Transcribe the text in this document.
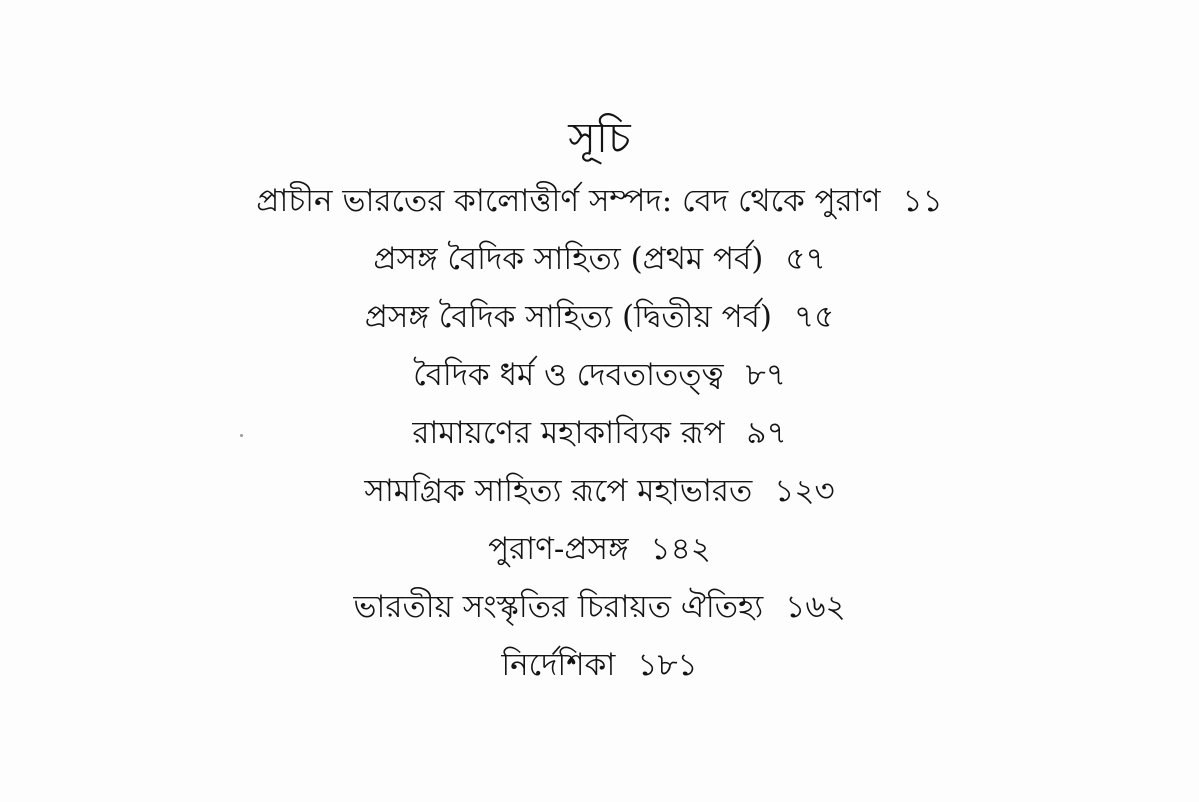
সূচি
প্রাচীন ভারতের কালোত্তীর্ণ সম্পদ: বেদ থেকে পুরাণ ১১
প্রসঙ্গ বৈদিক সাহিত্য (প্রথম পর্ব) ৫৭
প্রসঙ্গ বৈদিক সাহিত্য (দ্বিতীয় পর্ব) ৭৫
বৈদিক ধর্ম ও দেবতাতত্ত্ব ৮৭
রামায়ণের মহাকাব্যিক রূপ ৯৭
সামগ্রিক সাহিত্য রূপে মহাভারত ১২৩
পুরাণ-প্রসঙ্গ ১৪২
ভারতীয় সংস্কৃতির চিরায়ত ঐতিহ্য ১৬২
নির্দেশিকা ১৮১
